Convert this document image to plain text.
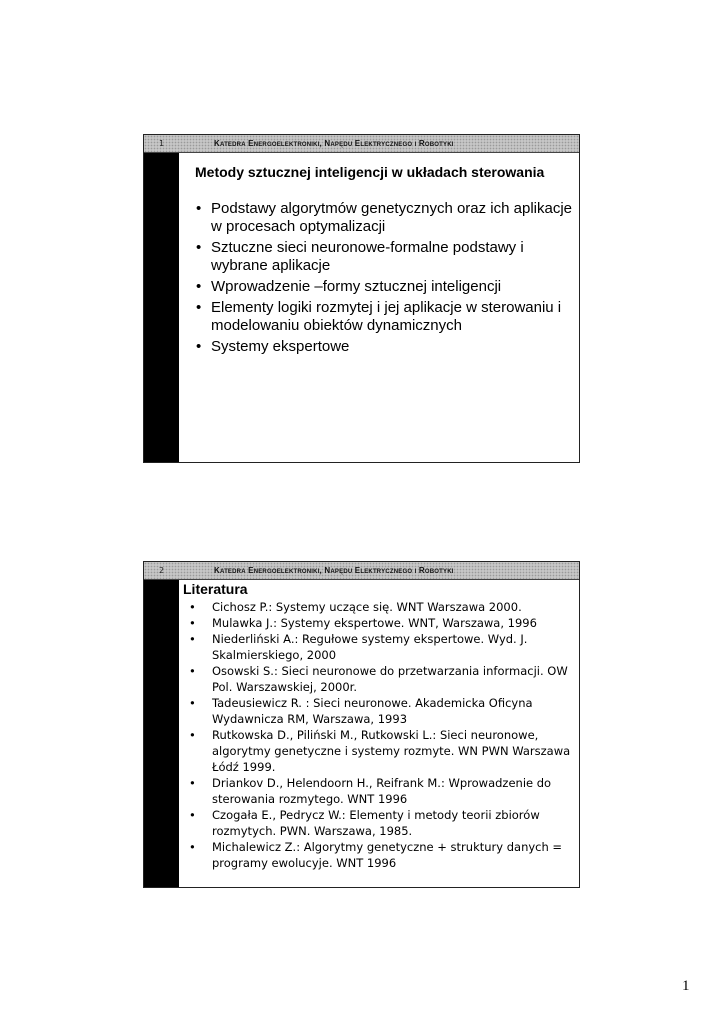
1	Katedra Energoelektroniki, Napędu Elektrycznego i Robotyki
Metody sztucznej inteligencji w układach sterowania
• Podstawy algorytmów genetycznych oraz ich aplikacje w procesach optymalizacji
• Sztuczne sieci neuronowe-formalne podstawy i wybrane aplikacje
• Wprowadzenie –formy sztucznej inteligencji
• Elementy logiki rozmytej i jej aplikacje w sterowaniu i modelowaniu obiektów dynamicznych
• Systemy ekspertowe
2	Katedra Energoelektroniki, Napędu Elektrycznego i Robotyki
Literatura
• Cichosz P.: Systemy uczące się. WNT Warszawa 2000.
• Mulawka J.: Systemy ekspertowe. WNT, Warszawa, 1996
• Niederliński A.: Regułowe systemy ekspertowe. Wyd. J. Skalmierskiego, 2000
• Osowski S.: Sieci neuronowe do przetwarzania informacji. OW Pol. Warszawskiej, 2000r.
• Tadeusiewicz R. : Sieci neuronowe. Akademicka Oficyna Wydawnicza RM, Warszawa, 1993
• Rutkowska D., Piliński M., Rutkowski L.: Sieci neuronowe, algorytmy genetyczne i systemy rozmyte. WN PWN Warszawa Łódź 1999.
• Driankov D., Helendoorn H., Reifrank M.: Wprowadzenie do sterowania rozmytego. WNT 1996
• Czogała E., Pedrycz W.: Elementy i metody teorii zbiorów rozmytych. PWN. Warszawa, 1985.
• Michalewicz Z.: Algorytmy genetyczne + struktury danych = programy ewolucyje. WNT 1996
1
